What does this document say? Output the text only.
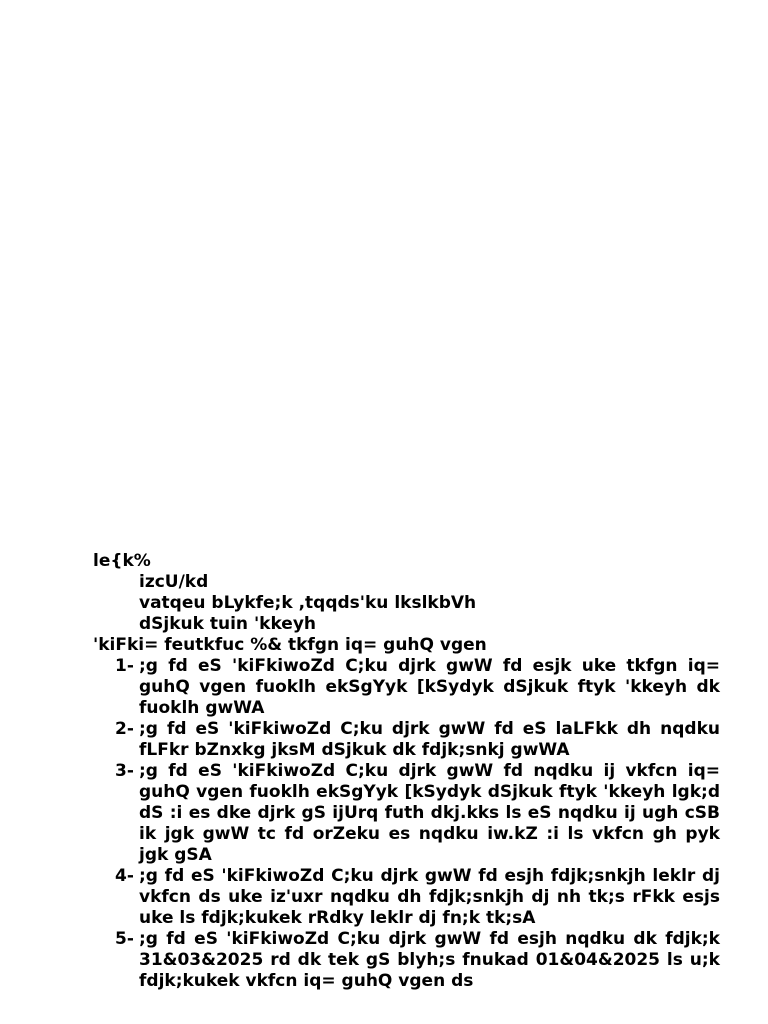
le{k%
izcU/kd
vatqeu bLykfe;k ,tqqds'ku lkslkbVh
dSjkuk tuin 'kkeyh
'kiFki= feutkfuc %& tkfgn iq= guhQ vgen
1- ;g fd eS 'kiFkiwoZd C;ku djrk gwW fd esjk uke tkfgn iq= guhQ vgen fuoklh ekSgYyk [kSydyk dSjkuk ftyk 'kkeyh dk fuoklh gwWA
2- ;g fd eS 'kiFkiwoZd C;ku djrk gwW fd eS laLFkk dh nqdku fLFkr bZnxkg jksM dSjkuk dk fdjk;snkj gwWA
3- ;g fd eS 'kiFkiwoZd C;ku djrk gwW fd nqdku ij vkfcn iq= guhQ vgen fuoklh ekSgYyk [kSydyk dSjkuk ftyk 'kkeyh lgk;d dS :i es dke djrk gS ijUrq futh dkj.kks ls eS nqdku ij ugh cSB ik jgk gwW tc fd orZeku es nqdku iw.kZ :i ls vkfcn gh pyk jgk gSA
4- ;g fd eS 'kiFkiwoZd C;ku djrk gwW fd esjh fdjk;snkjh leklr dj vkfcn ds uke iz'uxr nqdku dh fdjk;snkjh dj nh tk;s rFkk esjs uke ls fdjk;kukek rRdky leklr dj fn;k tk;sA
5- ;g fd eS 'kiFkiwoZd C;ku djrk gwW fd esjh nqdku dk fdjk;k 31&03&2025 rd dk tek gS blyh;s fnukad 01&04&2025 ls u;k fdjk;kukek vkfcn iq= guhQ vgen ds
